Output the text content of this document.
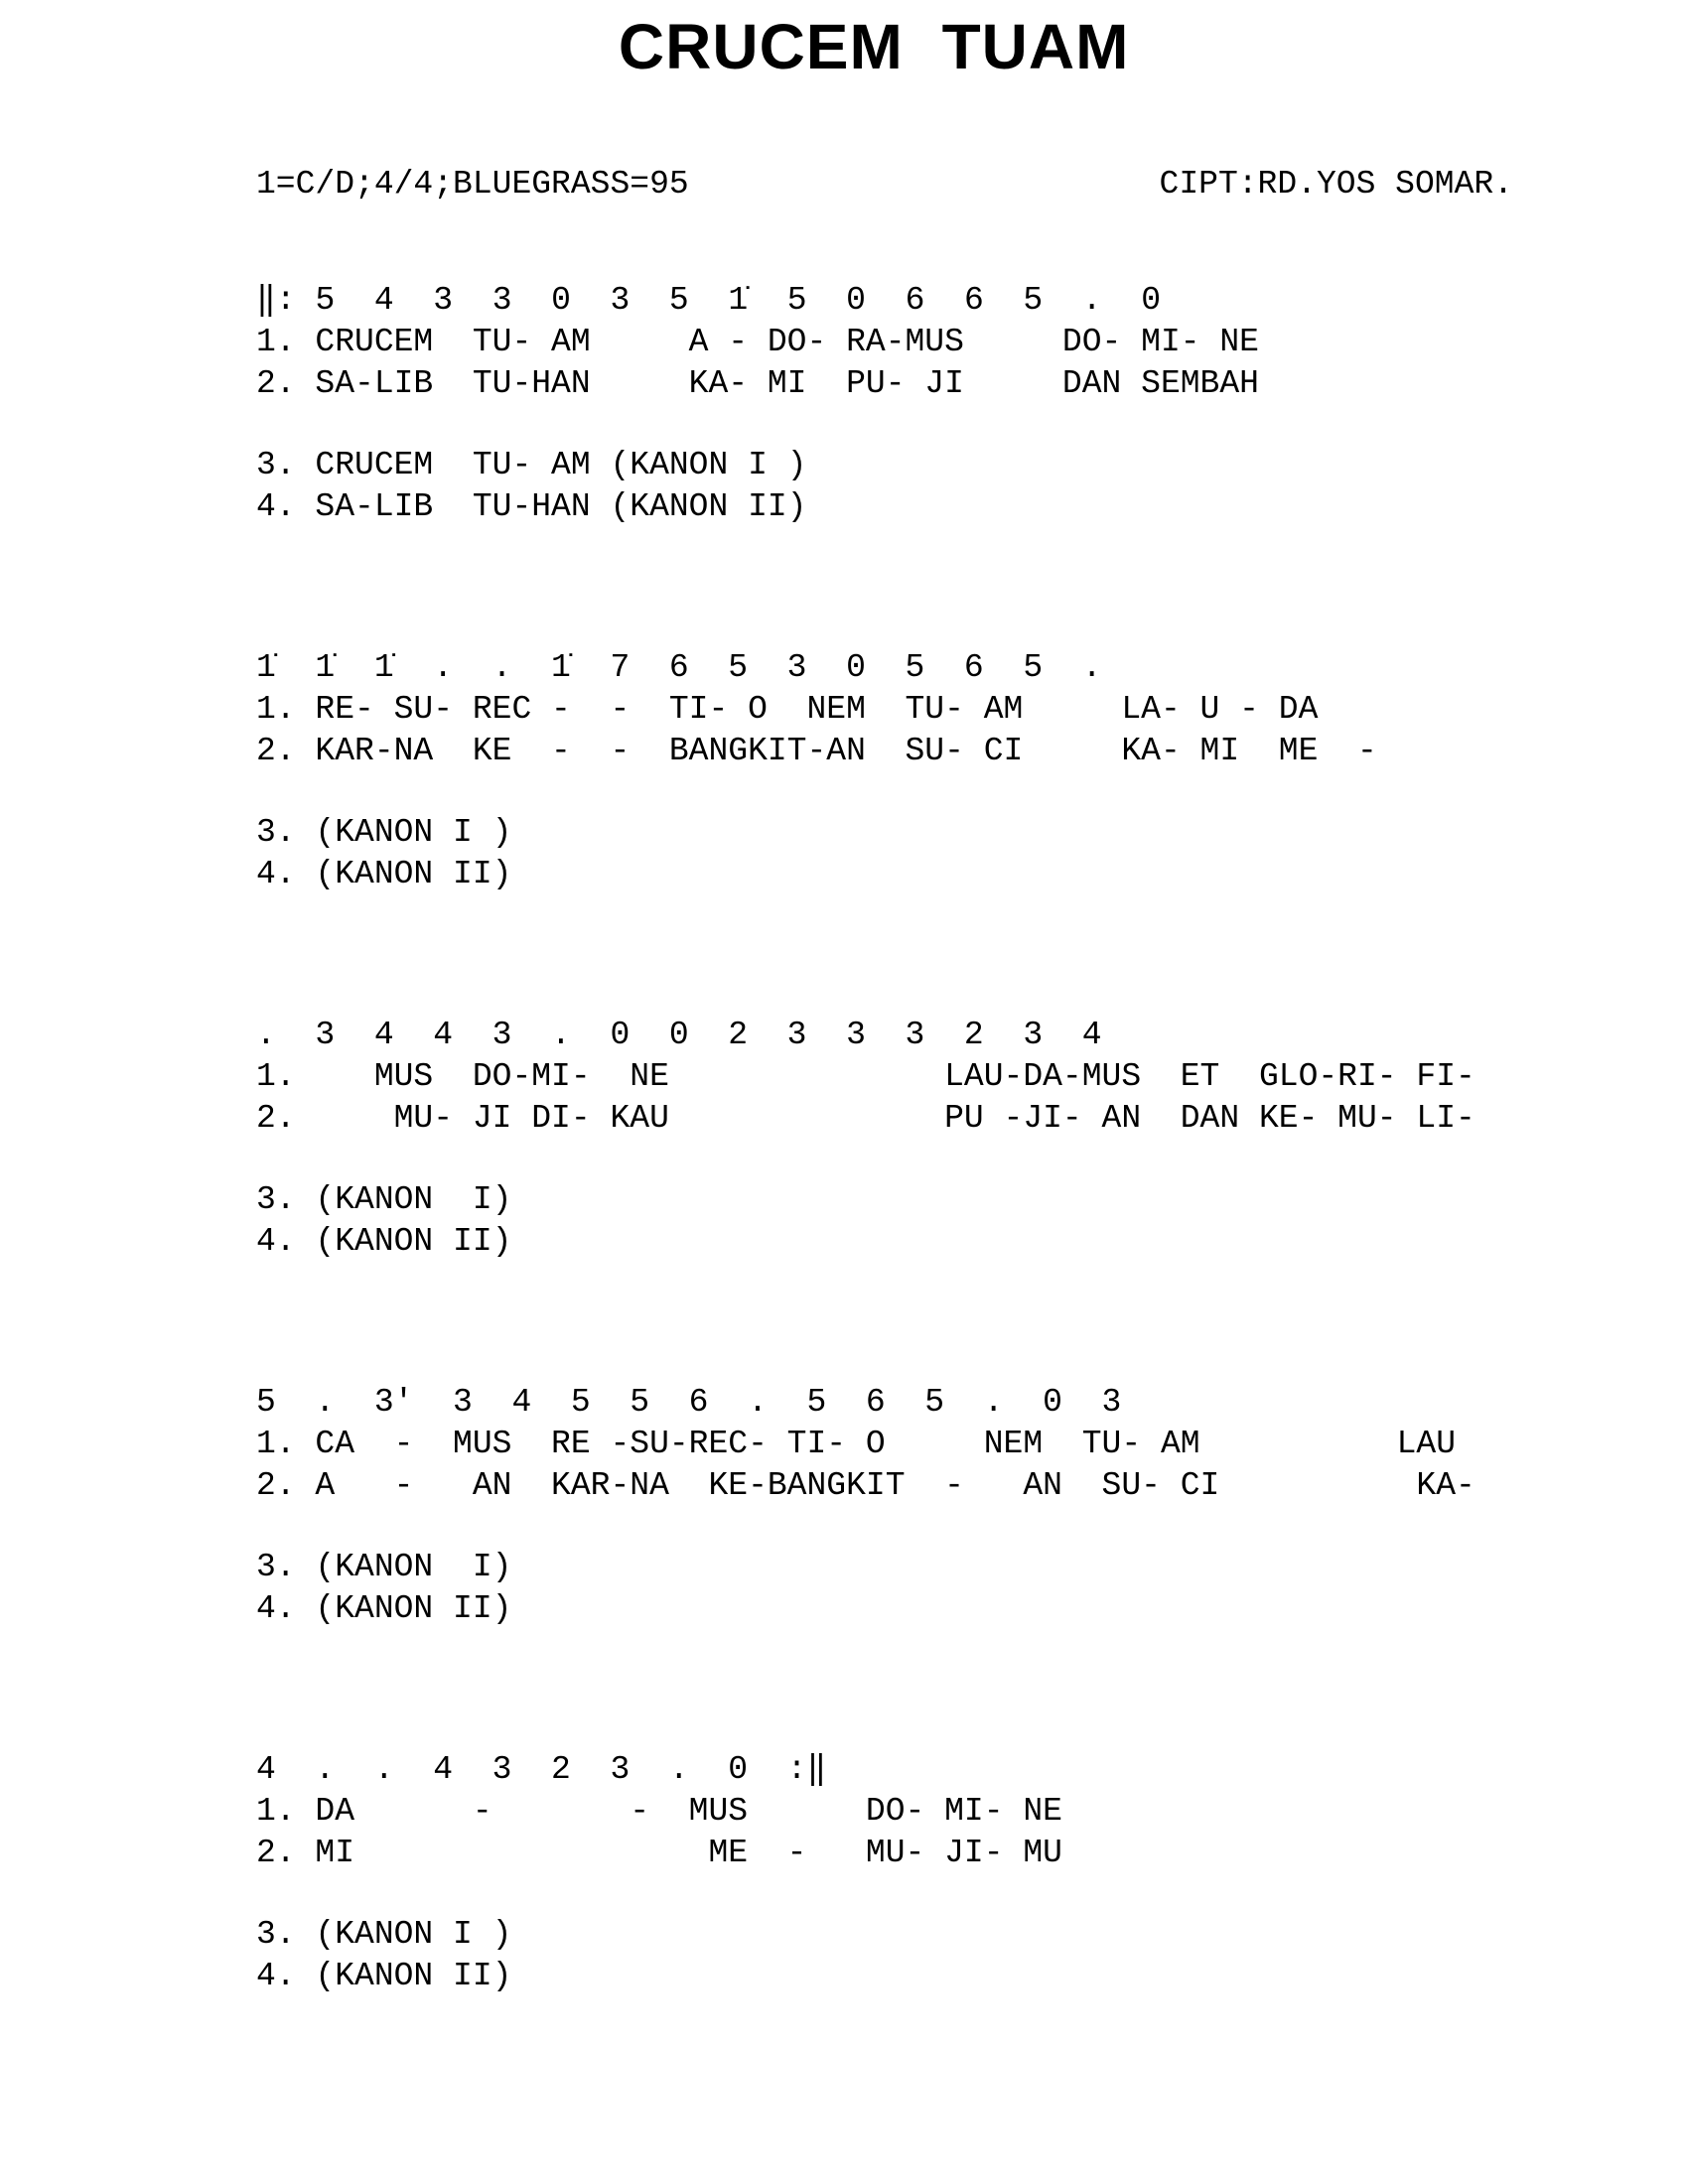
CRUCEM TUAM
1=C/D;4/4;BLUEGRASS=95	CIPT:RD.YOS SOMAR.
‖: 5  4  3  3  0  3  5  1̇  5  0  6  6  5  .  0
1. CRUCEM  TU- AM     A - DO- RA-MUS     DO- MI- NE
2. SA-LIB  TU-HAN     KA- MI  PU- JI     DAN SEMBAH
3. CRUCEM  TU- AM (KANON I )
4. SA-LIB  TU-HAN (KANON II)
1̇  1̇  1̇  .  .  1̇  7  6  5  3  0  5  6  5  .
1. RE- SU- REC -  -  TI- O  NEM  TU- AM     LA- U - DA
2. KAR-NA  KE  -  -  BANGKIT-AN  SU- CI     KA- MI  ME  -
3. (KANON I )
4. (KANON II)
.  3  4  4  3  .  0  0  2  3  3  3  2  3  4
1.    MUS  DO-MI-  NE              LAU-DA-MUS  ET  GLO-RI- FI-
2.     MU- JI DI- KAU              PU -JI- AN  DAN KE- MU- LI-
3. (KANON  I)
4. (KANON II)
5  .  3'  3  4  5  5  6  .  5  6  5  .  0  3
1. CA  -  MUS  RE -SU-REC- TI- O     NEM  TU- AM          LAU
2. A   -   AN  KAR-NA  KE-BANGKIT  -   AN  SU- CI          KA-
3. (KANON  I)
4. (KANON II)
4  .  .  4  3  2  3  .  0  :‖
1. DA      -       -  MUS      DO- MI- NE
2. MI                  ME  -   MU- JI- MU
3. (KANON I )
4. (KANON II)
